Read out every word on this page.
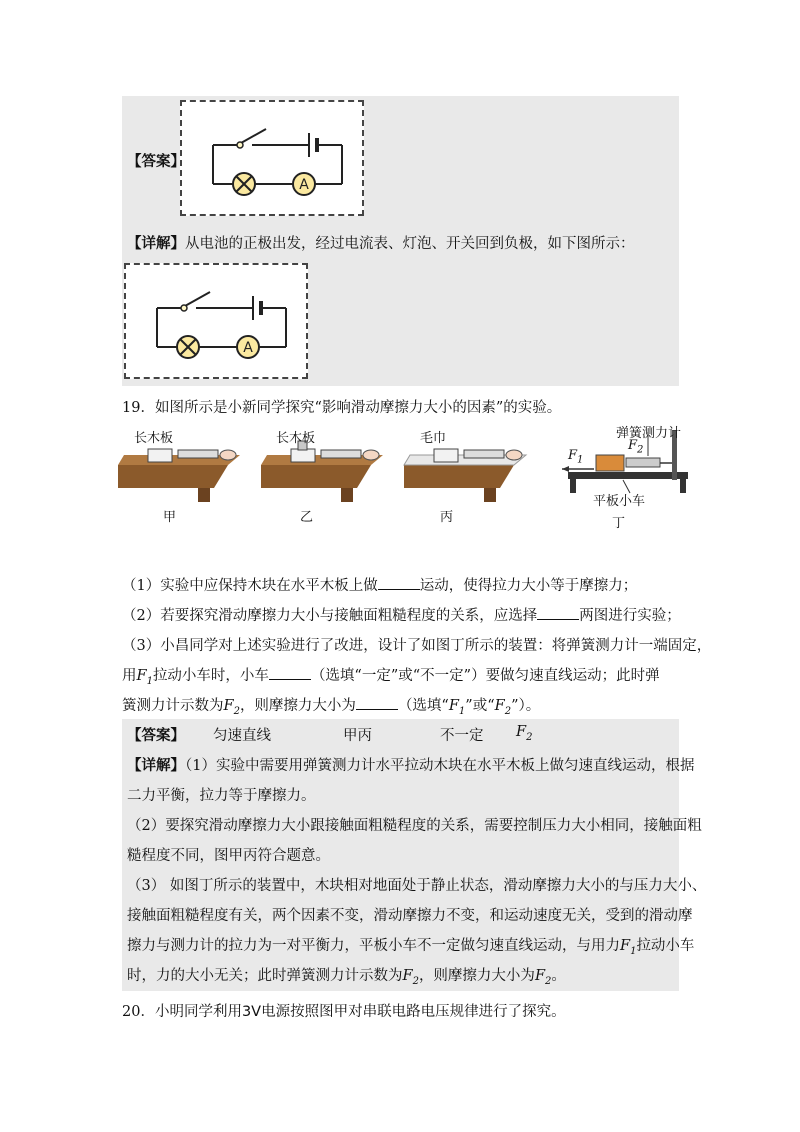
A
【答案】
【详解】从电池的正极出发，经过电流表、灯泡、开关回到负极，如下图所示：
A
19．如图所示是小新同学探究“影响滑动摩擦力大小的因素”的实验。
长木板	长木板	毛巾	弹簧测力计
$F_2$
$F_1$
平板小车
甲	乙	丙	丁
（1）实验中应保持木块在水平木板上做	运动，使得拉力大小等于摩擦力；
（2）若要探究滑动摩擦力大小与接触面粗糙程度的关系，应选择	两图进行实验；
（3）小昌同学对上述实验进行了改进，设计了如图丁所示的装置：将弹簧测力计一端固定，
用$F_1$拉动小车时，小车	（选填“一定”或“不一定”）要做匀速直线运动；此时弹
簧测力计示数为$F_2$，则摩擦力大小为	（选填“$F_1$”或“$F_2$”）。
【答案】 匀速直线	甲丙	不一定 $F_2$
【详解】（1）实验中需要用弹簧测力计水平拉动木块在水平木板上做匀速直线运动，根据
二力平衡，拉力等于摩擦力。
（2）要探究滑动摩擦力大小跟接触面粗糙程度的关系，需要控制压力大小相同，接触面粗
糙程度不同，图甲丙符合题意。
（3） 如图丁所示的装置中，木块相对地面处于静止状态，滑动摩擦力大小的与压力大小、
接触面粗糙程度有关，两个因素不变，滑动摩擦力不变，和运动速度无关，受到的滑动摩
擦力与测力计的拉力为一对平衡力，平板小车不一定做匀速直线运动，与用力$F_1$拉动小车
时，力的大小无关；此时弹簧测力计示数为$F_2$，则摩擦力大小为$F_2$。
20．小明同学利用3V电源按照图甲对串联电路电压规律进行了探究。
